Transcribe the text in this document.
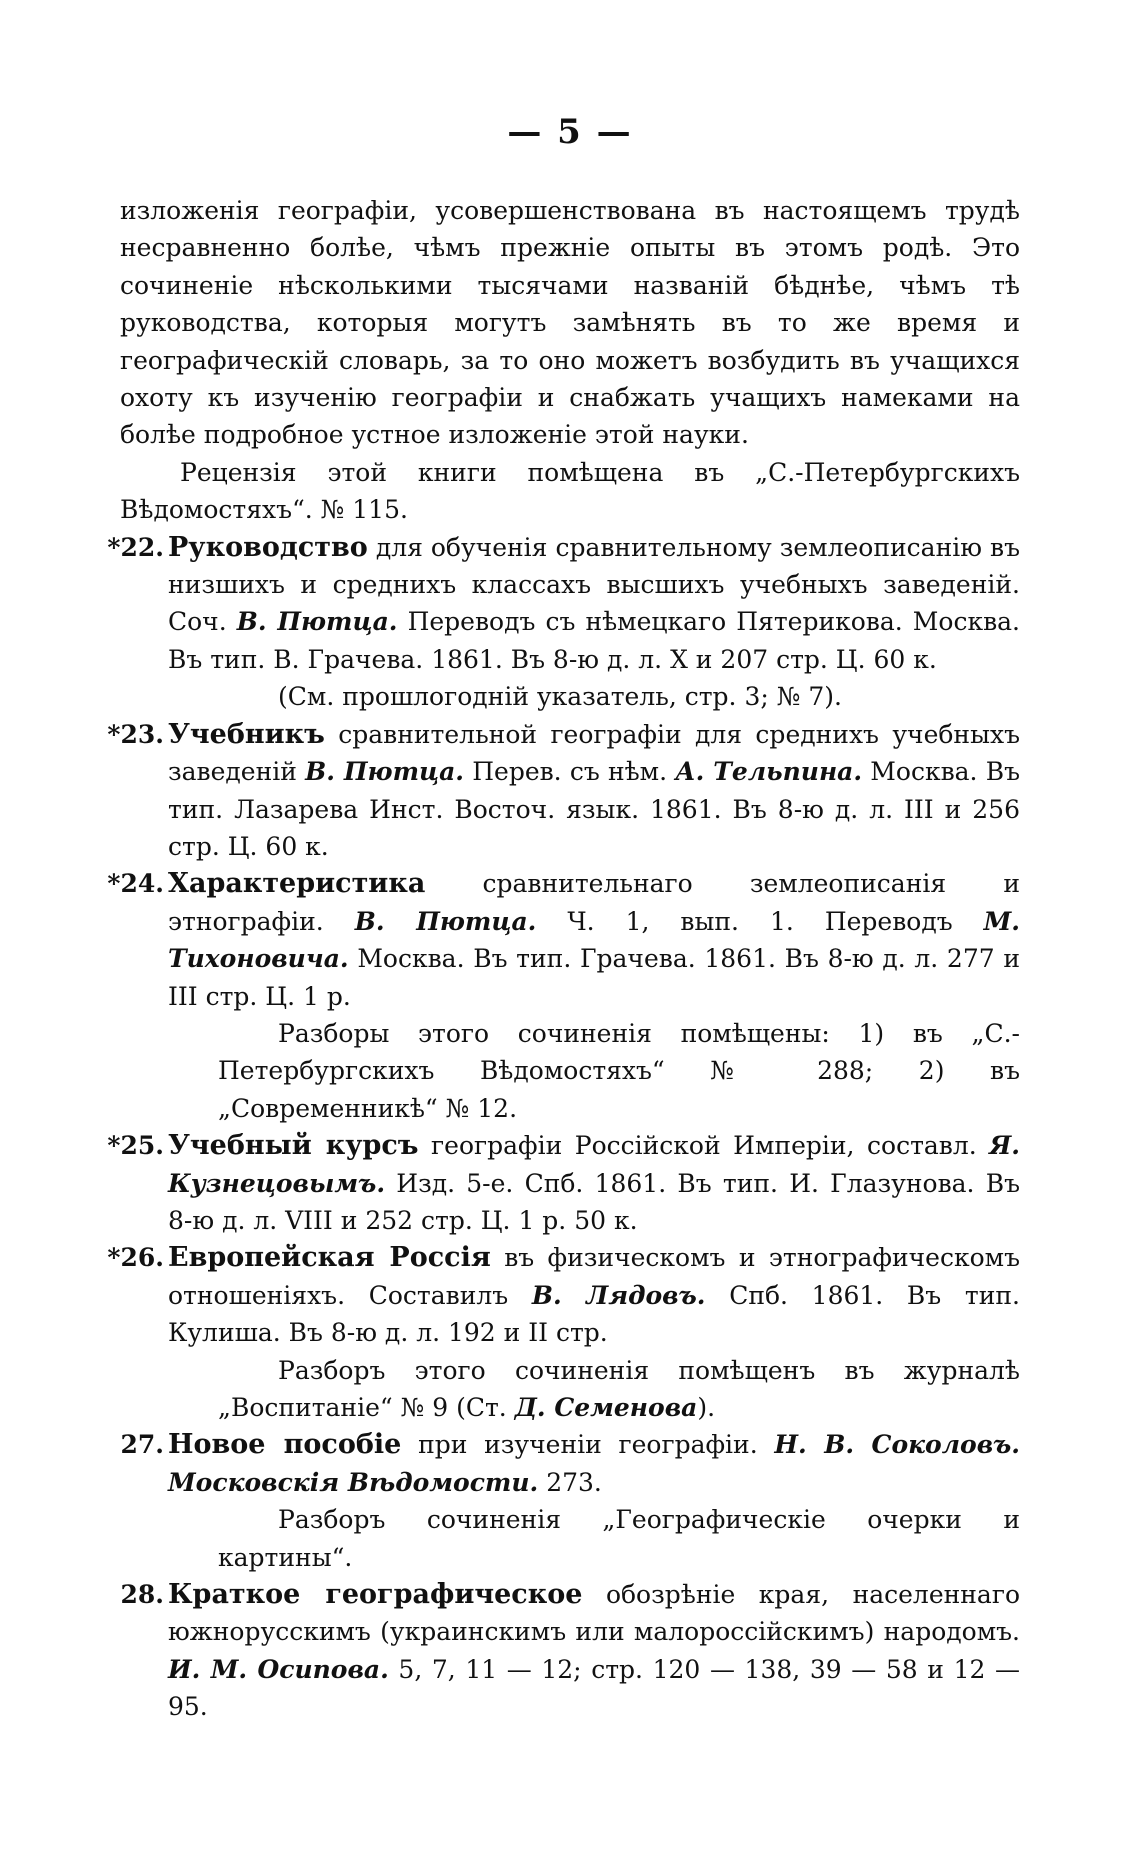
— 5 —

изложенія географіи, усовершенствована въ настоящемъ трудѣ несравненно болѣе, чѣмъ прежніе опыты въ этомъ родѣ. Это сочиненіе нѣсколькими тысячами названій бѣднѣе, чѣмъ тѣ руководства, которыя могутъ замѣнять въ то же время и географическій словарь, за то оно можетъ возбудить въ учащихся охоту къ изученію географіи и снабжать учащихъ намеками на болѣе подробное устное изложеніе этой науки.

Рецензія этой книги помѣщена въ „С.-Петербургскихъ Вѣдомостяхъ“. № 115.

*22. Руководство для обученія сравнительному землеописанію въ низшихъ и среднихъ классахъ высшихъ учебныхъ заведеній. Соч. В. Пютца. Переводъ съ нѣмецкаго Пятерикова. Москва. Въ тип. В. Грачева. 1861. Въ 8-ю д. л. X и 207 стр. Ц. 60 к.

(См. прошлогодній указатель, стр. 3; № 7).

*23. Учебникъ сравнительной географіи для среднихъ учебныхъ заведеній В. Пютца. Перев. съ нѣм. А. Тельпина. Москва. Въ тип. Лазарева Инст. Восточ. язык. 1861. Въ 8-ю д. л. III и 256 стр. Ц. 60 к.
*24. Характеристика сравнительнаго землеописанія и этнографіи. В. Пютца. Ч. 1, вып. 1. Переводъ М. Тихоновича. Москва. Въ тип. Грачева. 1861. Въ 8-ю д. л. 277 и III стр. Ц. 1 р.

Разборы этого сочиненія помѣщены: 1) въ „С.-Петербургскихъ Вѣдомостяхъ“ № 288; 2) въ „Современникѣ“ № 12.

*25. Учебный курсъ географіи Россійской Имперіи, составл. Я. Кузнецовымъ. Изд. 5-е. Спб. 1861. Въ тип. И. Глазунова. Въ 8-ю д. л. VIII и 252 стр. Ц. 1 р. 50 к.
*26. Европейская Россія въ физическомъ и этнографическомъ отношеніяхъ. Составилъ В. Лядовъ. Спб. 1861. Въ тип. Кулиша. Въ 8-ю д. л. 192 и II стр.

Разборъ этого сочиненія помѣщенъ въ журналѣ „Воспитаніе“ № 9 (Ст. Д. Семенова).

27. Новое пособіе при изученіи географіи. Н. В. Соколовъ. Московскія Вѣдомости. 273.

Разборъ сочиненія „Географическіе очерки и картины“.

28. Краткое географическое обозрѣніе края, населеннаго южнорусскимъ (украинскимъ или малороссійскимъ) народомъ. И. М. Осипова. 5, 7, 11 — 12; стр. 120 — 138, 39 — 58 и 12 — 95.
